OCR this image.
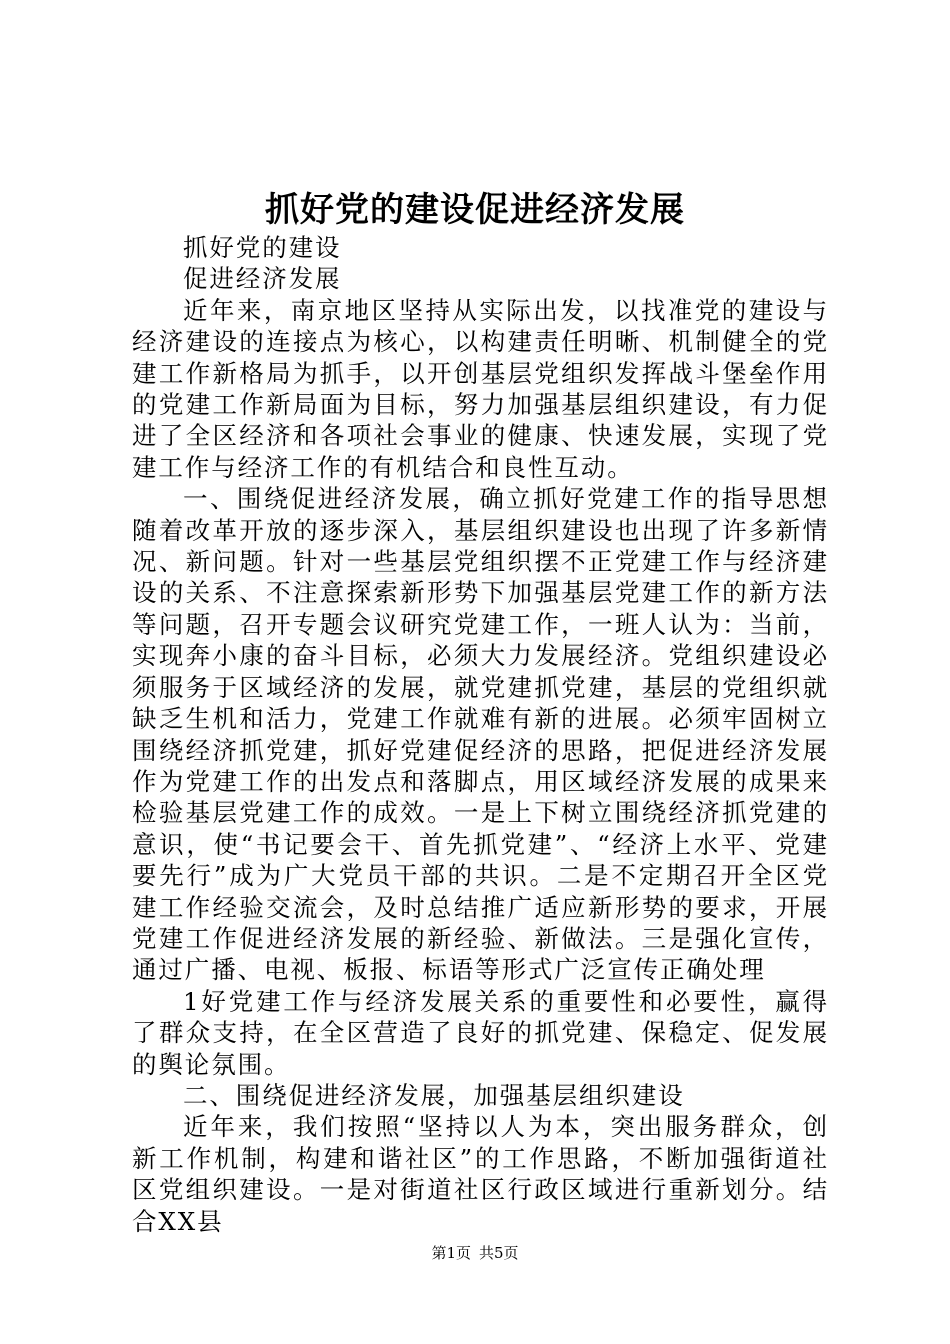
抓好党的建设促进经济发展

抓好党的建设

促进经济发展

近年来，南京地区坚持从实际出发，以找准党的建设与经济建设的连接点为核心，以构建责任明晰、机制健全的党建工作新格局为抓手，以开创基层党组织发挥战斗堡垒作用的党建工作新局面为目标，努力加强基层组织建设，有力促进了全区经济和各项社会事业的健康、快速发展，实现了党建工作与经济工作的有机结合和良性互动。

一、围绕促进经济发展，确立抓好党建工作的指导思想随着改革开放的逐步深入，基层组织建设也出现了许多新情况、新问题。针对一些基层党组织摆不正党建工作与经济建设的关系、不注意探索新形势下加强基层党建工作的新方法等问题，召开专题会议研究党建工作，一班人认为：当前，实现奔小康的奋斗目标，必须大力发展经济。党组织建设必须服务于区域经济的发展，就党建抓党建，基层的党组织就缺乏生机和活力，党建工作就难有新的进展。必须牢固树立围绕经济抓党建，抓好党建促经济的思路，把促进经济发展作为党建工作的出发点和落脚点，用区域经济发展的成果来检验基层党建工作的成效。一是上下树立围绕经济抓党建的意识，使“书记要会干、首先抓党建”、“经济上水平、党建要先行”成为广大党员干部的共识。二是不定期召开全区党建工作经验交流会，及时总结推广适应新形势的要求，开展党建工作促进经济发展的新经验、新做法。三是强化宣传，通过广播、电视、板报、标语等形式广泛宣传正确处理

1好党建工作与经济发展关系的重要性和必要性，赢得了群众支持，在全区营造了良好的抓党建、保稳定、促发展的舆论氛围。

二、围绕促进经济发展，加强基层组织建设

近年来，我们按照“坚持以人为本，突出服务群众，创新工作机制，构建和谐社区”的工作思路，不断加强街道社区党组织建设。一是对街道社区行政区域进行重新划分。结合XX县

第1页 共5页
